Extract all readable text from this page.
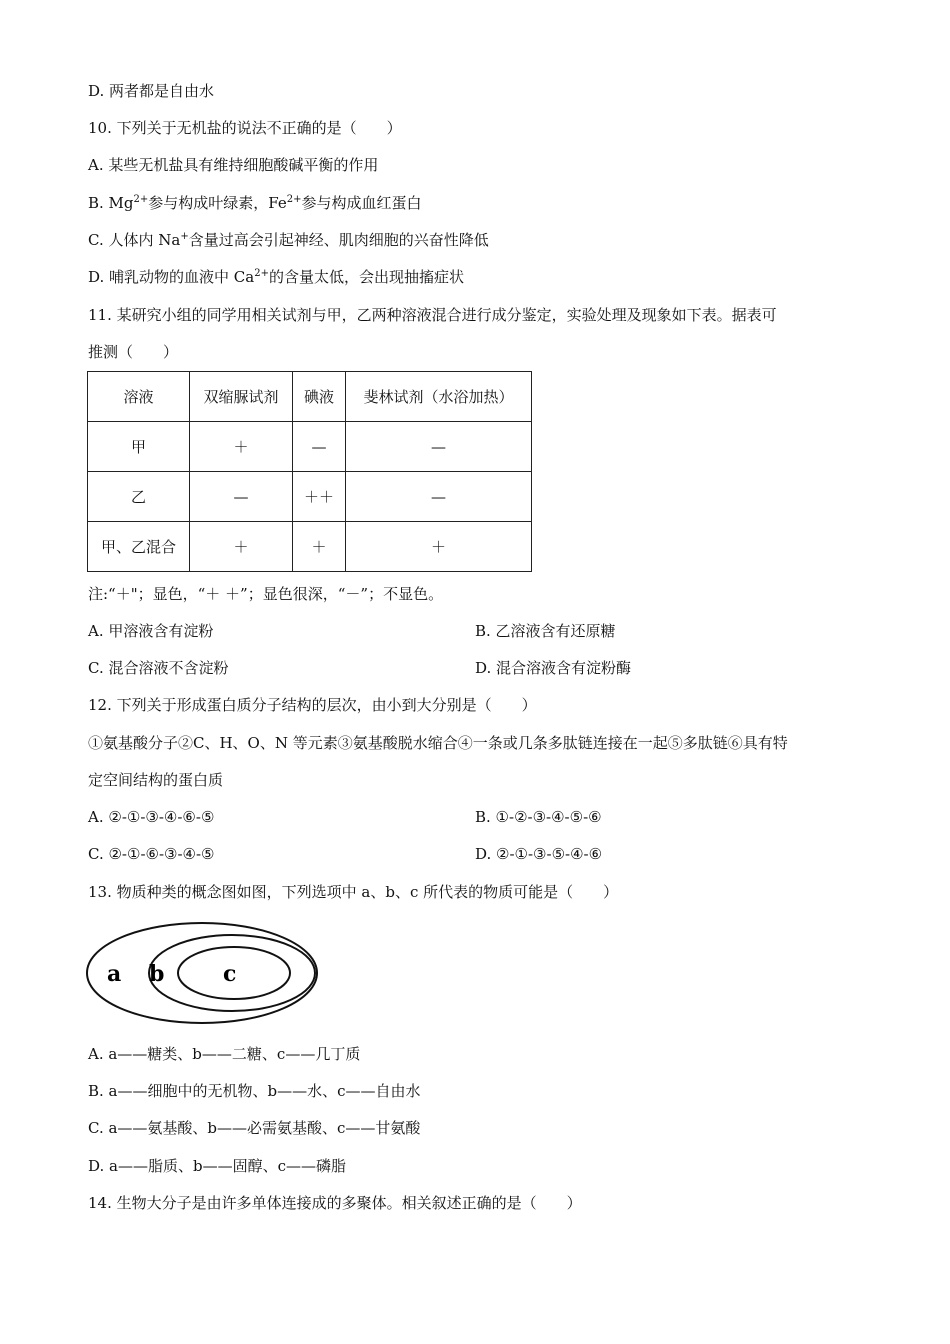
D. 两者都是自由水
10. 下列关于无机盐的说法不正确的是（　　）
A. 某些无机盐具有维持细胞酸碱平衡的作用
B. $Mg^{2+}$参与构成叶绿素，$Fe^{2+}$参与构成血红蛋白
C. 人体内 Na+含量过高会引起神经、肌肉细胞的兴奋性降低
D. 哺乳动物的血液中 $Ca^{2+}$的含量太低，会出现抽搐症状
11. 某研究小组的同学用相关试剂与甲，乙两种溶液混合进行成分鉴定，实验处理及现象如下表。据表可
推测（　　）
溶液	双缩脲试剂	碘液	斐林试剂（水浴加热）
甲	＋	—	—
乙	—	＋＋	—
甲、乙混合	＋	＋	＋
注:“＋"；显色，“＋ ＋”；显色很深，“－”；不显色。
A. 甲溶液含有淀粉	B. 乙溶液含有还原糖
C. 混合溶液不含淀粉	D. 混合溶液含有淀粉酶
12. 下列关于形成蛋白质分子结构的层次，由小到大分别是（　　）
①氨基酸分子②C、H、O、N 等元素③氨基酸脱水缩合④一条或几条多肽链连接在一起⑤多肽链⑥具有特
定空间结构的蛋白质
A. ②-①-③-④-⑥-⑤	B. ①-②-③-④-⑤-⑥
C. ②-①-⑥-③-④-⑤	D. ②-①-③-⑤-④-⑥
13. 物质种类的概念图如图，下列选项中 a、b、c 所代表的物质可能是（　　）
a b	c
A. a——糖类、b——二糖、c——几丁质
B. a——细胞中的无机物、b——水、c——自由水
C. a——氨基酸、b——必需氨基酸、c——甘氨酸
D. a——脂质、b——固醇、c——磷脂
14. 生物大分子是由许多单体连接成的多聚体。相关叙述正确的是（　　）
